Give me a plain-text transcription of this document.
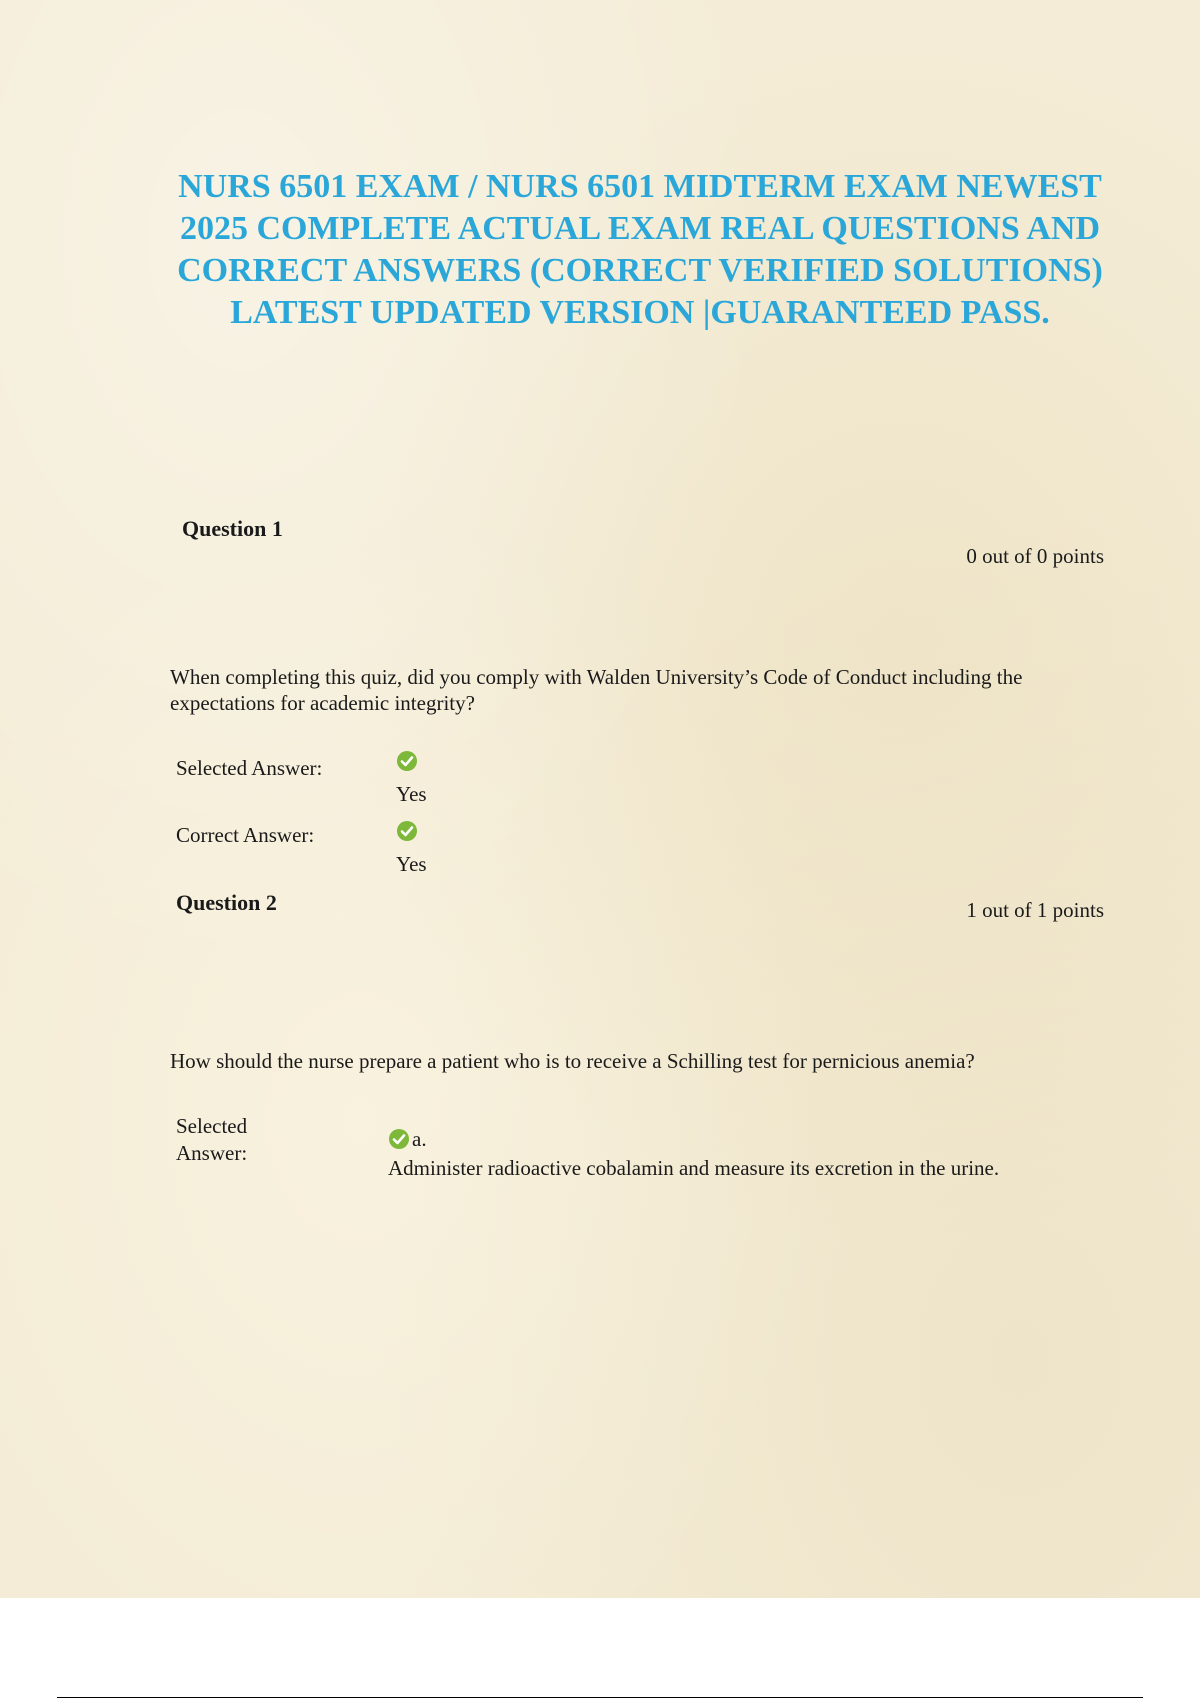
NURS 6501 EXAM / NURS 6501 MIDTERM EXAM NEWEST 2025 COMPLETE ACTUAL EXAM REAL QUESTIONS AND CORRECT ANSWERS (CORRECT VERIFIED SOLUTIONS) LATEST UPDATED VERSION |GUARANTEED PASS.
Question 1
0 out of 0 points
When completing this quiz, did you comply with Walden University’s Code of Conduct including the expectations for academic integrity?
Selected Answer:
Yes
Correct Answer:
Yes
Question 2	1 out of 1 points
How should the nurse prepare a patient who is to receive a Schilling test for pernicious anemia?
Selected
Answer:
a.
Administer radioactive cobalamin and measure its excretion in the urine.
